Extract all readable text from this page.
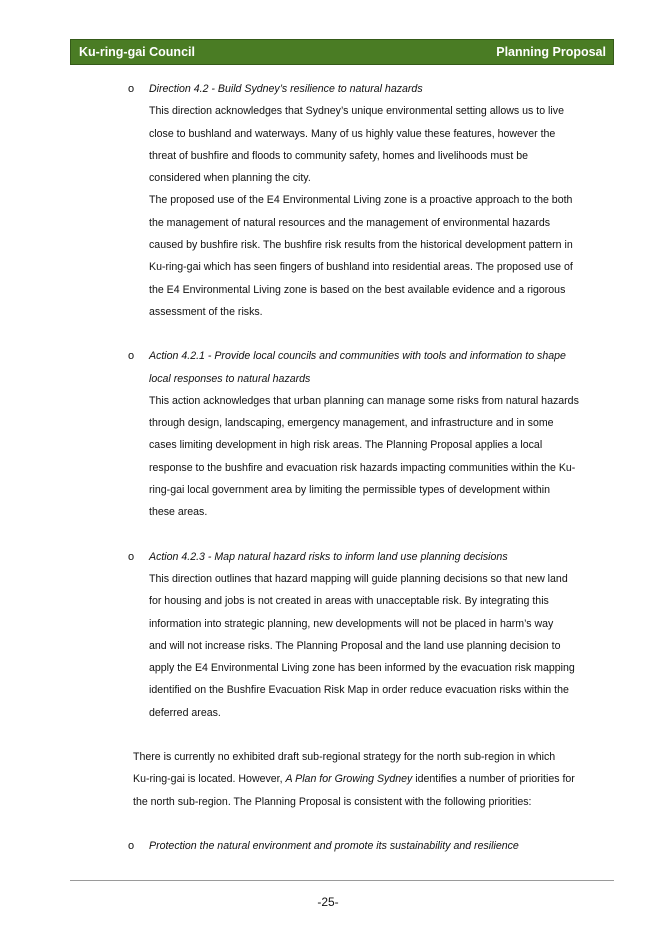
Ku-ring-gai Council	Planning Proposal
o Direction 4.2 - Build Sydney’s resilience to natural hazards
This direction acknowledges that Sydney’s unique environmental setting allows us to live
close to bushland and waterways. Many of us highly value these features, however the
threat of bushfire and floods to community safety, homes and livelihoods must be
considered when planning the city.
The proposed use of the E4 Environmental Living zone is a proactive approach to the both
the management of natural resources and the management of environmental hazards
caused by bushfire risk. The bushfire risk results from the historical development pattern in
Ku-ring-gai which has seen fingers of bushland into residential areas. The proposed use of
the E4 Environmental Living zone is based on the best available evidence and a rigorous
assessment of the risks.
o Action 4.2.1 - Provide local councils and communities with tools and information to shape
local responses to natural hazards
This action acknowledges that urban planning can manage some risks from natural hazards
through design, landscaping, emergency management, and infrastructure and in some
cases limiting development in high risk areas. The Planning Proposal applies a local
response to the bushfire and evacuation risk hazards impacting communities within the Ku-
ring-gai local government area by limiting the permissible types of development within
these areas.
o Action 4.2.3 - Map natural hazard risks to inform land use planning decisions
This direction outlines that hazard mapping will guide planning decisions so that new land
for housing and jobs is not created in areas with unacceptable risk. By integrating this
information into strategic planning, new developments will not be placed in harm’s way
and will not increase risks. The Planning Proposal and the land use planning decision to
apply the E4 Environmental Living zone has been informed by the evacuation risk mapping
identified on the Bushfire Evacuation Risk Map in order reduce evacuation risks within the
deferred areas.
There is currently no exhibited draft sub-regional strategy for the north sub-region in which
Ku-ring-gai is located. However, A Plan for Growing Sydney identifies a number of priorities for
the north sub-region. The Planning Proposal is consistent with the following priorities:
o Protection the natural environment and promote its sustainability and resilience
-25-
